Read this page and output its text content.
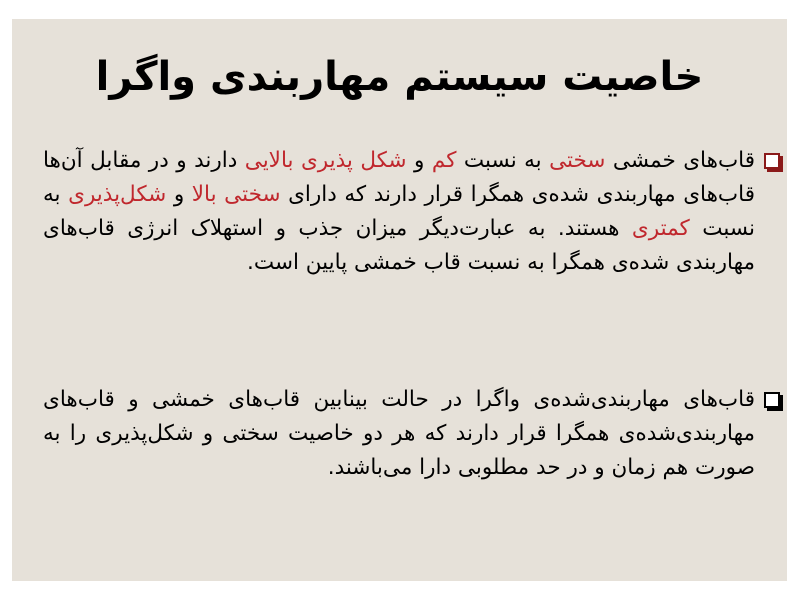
خاصیت سیستم مهاربندی واگرا
قاب‌های خمشی سختی به نسبت کم و شکل پذیری بالایی دارند و در مقابل آن‌ها قاب‌های مهاربندی شده‌ی همگرا قرار دارند که دارای سختی بالا و شکل‌پذیری به نسبت کمتری هستند. به عبارت‌دیگر میزان جذب و استهلاک انرژی قاب‌های مهاربندی شده‌ی همگرا به نسبت قاب خمشی پایین است.
قاب‌های مهاربندی‌شده‌ی واگرا در حالت بینابین قاب‌های خمشی و قاب‌های مهاربندی‌شده‌ی همگرا قرار دارند که هر دو خاصیت سختی و شکل‌پذیری را به صورت هم زمان و در حد مطلوبی دارا می‌باشند.
